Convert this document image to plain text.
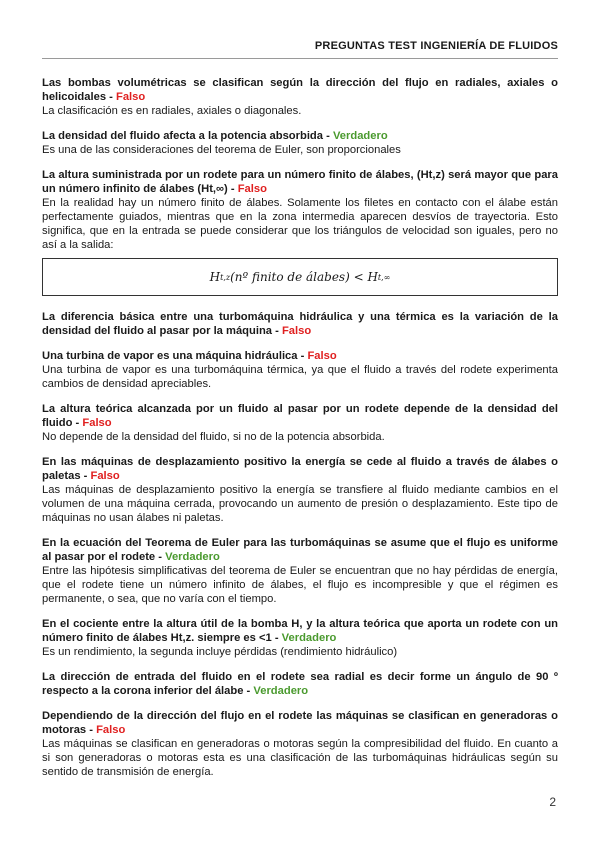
PREGUNTAS TEST INGENIERÍA DE FLUIDOS

Las bombas volumétricas se clasifican según la dirección del flujo en radiales, axiales o helicoidales - Falso

La clasificación es en radiales, axiales o diagonales.

La densidad del fluido afecta a la potencia absorbida - Verdadero

Es una de las consideraciones del teorema de Euler, son proporcionales

La altura suministrada por un rodete para un número finito de álabes, (Ht,z) será mayor que para un número infinito de álabes (Ht,∞) - Falso

En la realidad hay un número finito de álabes. Solamente los filetes en contacto con el álabe están perfectamente guiados, mientras que en la zona intermedia aparecen desvíos de trayectoria. Esto significa, que en la entrada se puede considerar que los triángulos de velocidad son iguales, pero no así a la salida:

H t,z (nº finito de álabes) < H t,∞

La diferencia básica entre una turbomáquina hidráulica y una térmica es la variación de la densidad del fluido al pasar por la máquina - Falso

Una turbina de vapor es una máquina hidráulica - Falso

Una turbina de vapor es una turbomáquina térmica, ya que el fluido a través del rodete experimenta cambios de densidad apreciables.

La altura teórica alcanzada por un fluido al pasar por un rodete depende de la densidad del fluido - Falso

No depende de la densidad del fluido, si no de la potencia absorbida.

En las máquinas de desplazamiento positivo la energía se cede al fluido a través de álabes o paletas - Falso

Las máquinas de desplazamiento positivo la energía se transfiere al fluido mediante cambios en el volumen de una máquina cerrada, provocando un aumento de presión o desplazamiento. Este tipo de máquinas no usan álabes ni paletas.

En la ecuación del Teorema de Euler para las turbomáquinas se asume que el flujo es uniforme al pasar por el rodete - Verdadero

Entre las hipótesis simplificativas del teorema de Euler se encuentran que no hay pérdidas de energía, que el rodete tiene un número infinito de álabes, el flujo es incompresible y que el régimen es permanente, o sea, que no varía con el tiempo.

En el cociente entre la altura útil de la bomba H, y la altura teórica que aporta un rodete con un número finito de álabes Ht,z. siempre es <1 - Verdadero

Es un rendimiento, la segunda incluye pérdidas (rendimiento hidráulico)

La dirección de entrada del fluido en el rodete sea radial es decir forme un ángulo de 90 º respecto a la corona inferior del álabe - Verdadero

Dependiendo de la dirección del flujo en el rodete las máquinas se clasifican en generadoras o motoras - Falso

Las máquinas se clasifican en generadoras o motoras según la compresibilidad del fluido. En cuanto a si son generadoras o motoras esta es una clasificación de las turbomáquinas hidráulicas según su sentido de transmisión de energía.

2
